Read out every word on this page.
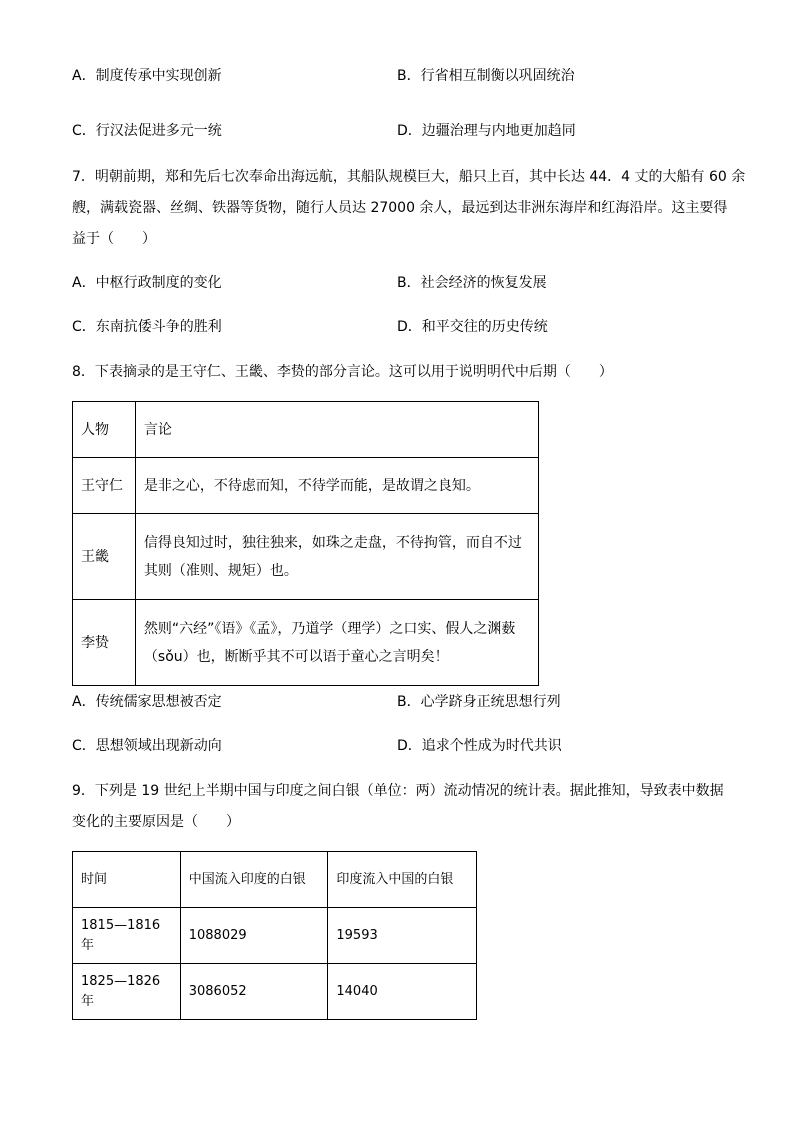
A．制度传承中实现创新	B．行省相互制衡以巩固统治
C．行汉法促进多元一统	D．边疆治理与内地更加趋同
7．明朝前期，郑和先后七次奉命出海远航，其船队规模巨大，船只上百，其中长达 44．4 丈的大船有 60 余
艘，满载瓷器、丝绸、铁器等货物，随行人员达 27000 余人，最远到达非洲东海岸和红海沿岸。这主要得
益于（　　）
A．中枢行政制度的变化	B．社会经济的恢复发展
C．东南抗倭斗争的胜利	D．和平交往的历史传统
8．下表摘录的是王守仁、王畿、李贽的部分言论。这可以用于说明明代中后期（　　）
人物	言论
王守仁	是非之心，不待虑而知，不待学而能，是故谓之良知。
王畿	信得良知过时，独往独来，如珠之走盘，不待拘管，而自不过
其则（准则、规矩）也。

李贽	然则“六经”《语》《孟》，乃道学（理学）之口实、假人之渊薮
（sǒu）也，断断乎其不可以语于童心之言明矣！
A．传统儒家思想被否定	B．心学跻身正统思想行列
C．思想领域出现新动向	D．追求个性成为时代共识
9．下列是 19 世纪上半期中国与印度之间白银（单位：两）流动情况的统计表。据此推知，导致表中数据
变化的主要原因是（　　）
时间	中国流入印度的白银	印度流入中国的白银
1815—1816 年	1088029	19593
1825—1826 年	3086052	14040
